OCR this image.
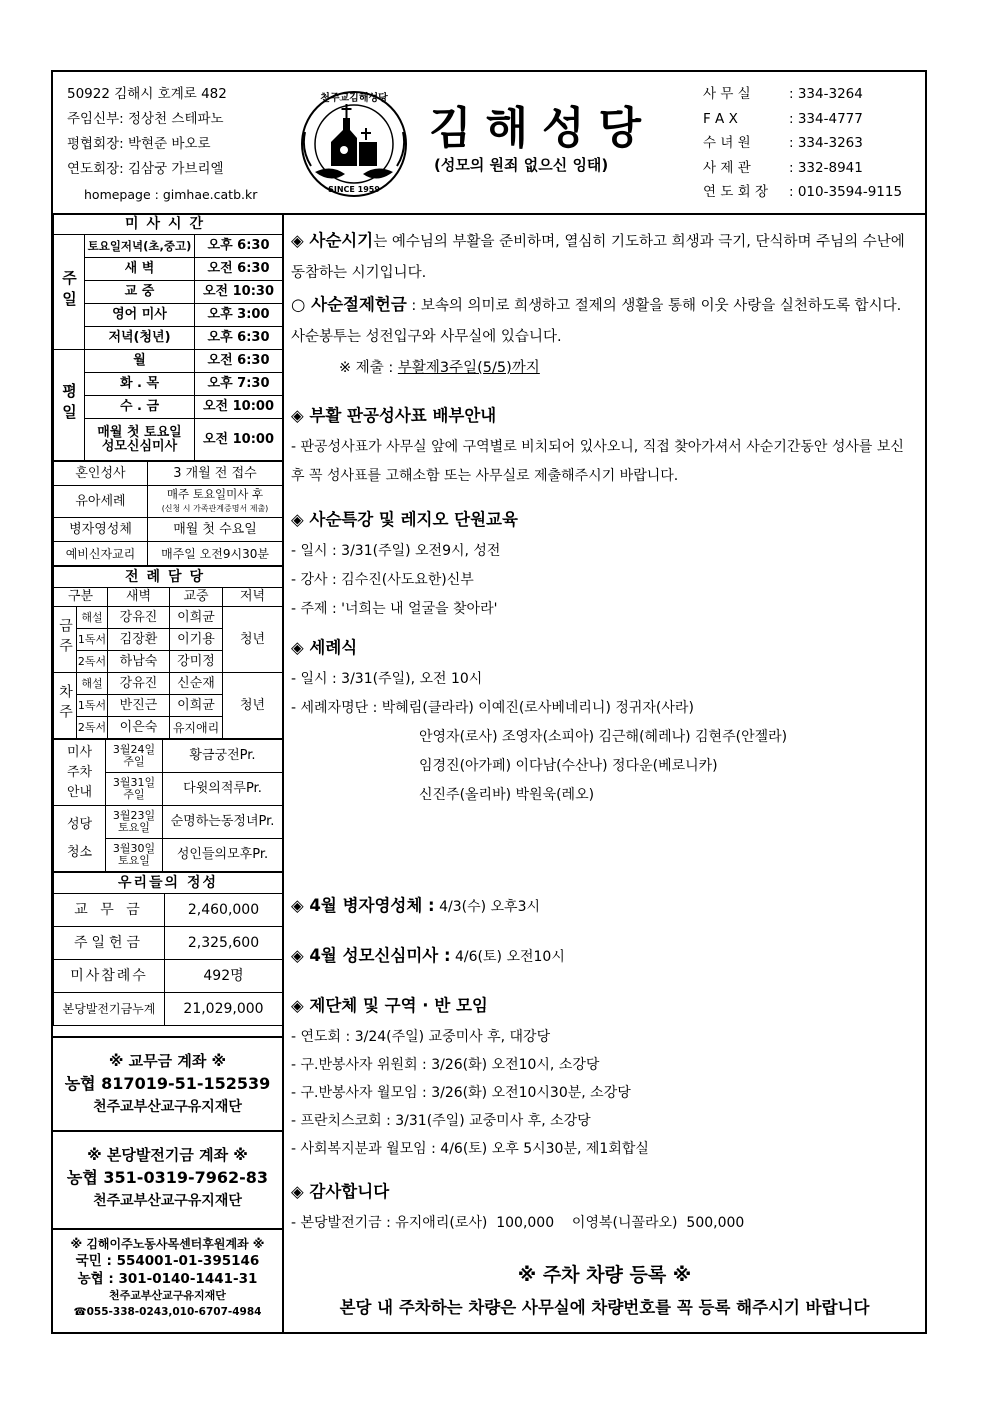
50922 김해시 호계로 482
주임신부: 정상천 스테파노
평협회장: 박현준 바오로
연도회장: 김삼궁 가브리엘
homepage : gimhae.catb.kr	SINCE 1959
천주교김해성당
김해성당
(성모의 원죄 없으신 잉태)
사 무 실	: 334-3264
F A X	: 334-4777
수 녀 원	: 334-3263
사 제 관	: 332-8941
연 도 회 장 : 010-3594-9115
미사시간		
주일	토요일저녁(초,중고)	오후 6:30
	새 벽	오전 6:30
	교 중	오전 10:30
	영어 미사	오후 3:00
	저녁(청년)	오후 6:30
평일	월	오전 6:30
	화 . 목	오후 7:30
	수 . 금	오전 10:00
	매월 첫 토요일 성모신심미사	오전 10:00
혼인성사	3 개월 전 접수
유아세례	매주 토요일미사 후
(신청 시 가족관계증명서 제출)
병자영성체	매월 첫 수요일
예비신자교리	매주일 오전9시30분
전례담당				
구분		새벽	교중	저녁
금주	해설	강유진	이희균	청년
	1독서	김장환	이기용	
	2독서	하남숙	강미정	
차주	해설	강유진	신순재	청년
	1독서	반진근	이희균	
	2독서	이은숙	유지애리	
미사주차안내	3월24일 주일	황금궁전Pr.
	3월31일 주일	다윗의적루Pr.
성당청소	3월23일 토요일	순명하는동정녀Pr.
	3월30일 토요일	성인들의모후Pr.
우리들의 정성	
교 무 금	2,460,000
주일헌금	2,325,600
미사참례수	492명
본당발전기금누계	21,029,000
※ 교무금 계좌 ※
농협 817019-51-152539
천주교부산교구유지재단
※ 본당발전기금 계좌 ※
농협 351-0319-7962-83
천주교부산교구유지재단
※ 김해이주노동사목센터후원계좌 ※
국민 : 554001-01-395146
농협 : 301-0140-1441-31
천주교부산교구유지재단
☎055-338-0243,010-6707-4984
◈ 사순시기는 예수님의 부활을 준비하며, 열심히 기도하고 희생과 극기, 단식하며 주님의 수난에 동참하는 시기입니다.
○ 사순절제헌금 : 보속의 의미로 희생하고 절제의 생활을 통해 이웃 사랑을 실천하도록 합시다. 사순봉투는 성전입구와 사무실에 있습니다.
※ 제출 : 부활제3주일(5/5)까지
◈ 부활 판공성사표 배부안내
- 판공성사표가 사무실 앞에 구역별로 비치되어 있사오니, 직접 찾아가셔서 사순기간동안 성사를 보신 후 꼭 성사표를 고해소함 또는 사무실로 제출해주시기 바랍니다.
◈ 사순특강 및 레지오 단원교육
- 일시 : 3/31(주일) 오전9시, 성전
- 강사 : 김수진(사도요한)신부
- 주제 : '너희는 내 얼굴을 찾아라'
◈ 세례식
- 일시 : 3/31(주일), 오전 10시
- 세례자명단 : 박혜림(클라라) 이예진(로사베네리니) 정귀자(사라)
안영자(로사) 조영자(소피아) 김근해(헤레나) 김현주(안젤라)
임경진(아가페) 이다남(수산나) 정다운(베로니카)
신진주(올리바) 박원욱(레오)
◈ 4월 병자영성체 : 4/3(수) 오후3시
◈ 4월 성모신심미사 : 4/6(토) 오전10시
◈ 제단체 및 구역 · 반 모임
- 연도회 : 3/24(주일) 교중미사 후, 대강당
- 구.반봉사자 위원회 : 3/26(화) 오전10시, 소강당
- 구.반봉사자 월모임 : 3/26(화) 오전10시30분, 소강당
- 프란치스코회 : 3/31(주일) 교중미사 후, 소강당
- 사회복지분과 월모임 : 4/6(토) 오후 5시30분, 제1회합실
◈ 감사합니다
- 본당발전기금 : 유지애리(로사)  100,000    이영복(니꼴라오)  500,000
※ 주차 차량 등록 ※
본당 내 주차하는 차량은 사무실에 차량번호를 꼭 등록 해주시기 바랍니다
